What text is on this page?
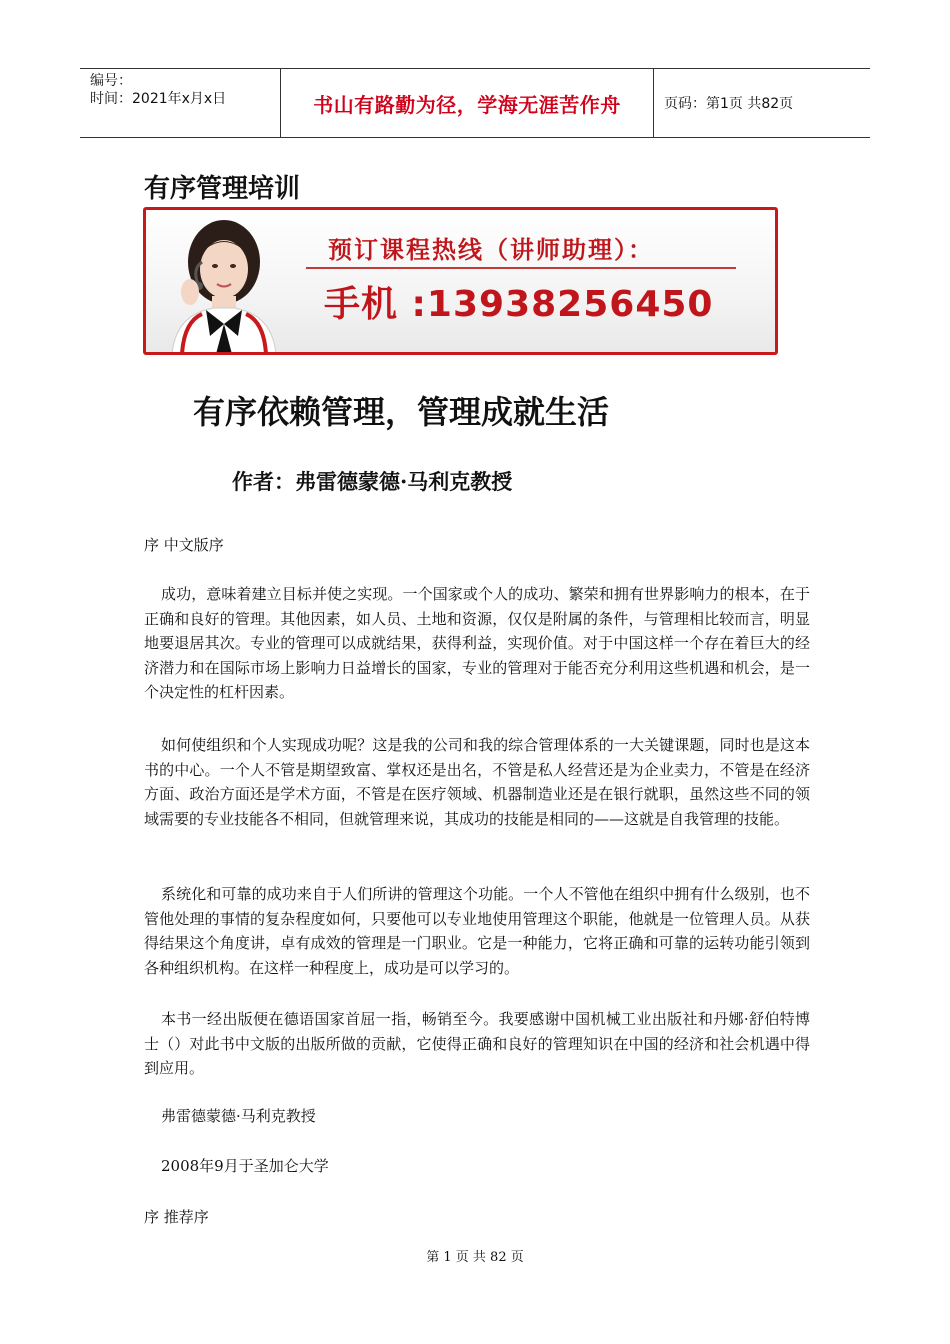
编号：
时间：2021年x月x日	书山有路勤为径，学海无涯苦作舟	页码：第1页 共82页
有序管理培训
预订课程热线（讲师助理）：
手机 :13938256450
有序依赖管理，管理成就生活
作者：弗雷德蒙德·马利克教授
序 中文版序
成功，意味着建立目标并使之实现。一个国家或个人的成功、繁荣和拥有世界影响力的根本，在于正确和良好的管理。其他因素，如人员、土地和资源，仅仅是附属的条件，与管理相比较而言，明显地要退居其次。专业的管理可以成就结果，获得利益，实现价值。对于中国这样一个存在着巨大的经济潜力和在国际市场上影响力日益增长的国家，专业的管理对于能否充分利用这些机遇和机会，是一个决定性的杠杆因素。
如何使组织和个人实现成功呢？这是我的公司和我的综合管理体系的一大关键课题，同时也是这本书的中心。一个人不管是期望致富、掌权还是出名，不管是私人经营还是为企业卖力，不管是在经济方面、政治方面还是学术方面，不管是在医疗领域、机器制造业还是在银行就职，虽然这些不同的领域需要的专业技能各不相同，但就管理来说，其成功的技能是相同的——这就是自我管理的技能。
系统化和可靠的成功来自于人们所讲的管理这个功能。一个人不管他在组织中拥有什么级别，也不管他处理的事情的复杂程度如何，只要他可以专业地使用管理这个职能，他就是一位管理人员。从获得结果这个角度讲，卓有成效的管理是一门职业。它是一种能力，它将正确和可靠的运转功能引领到各种组织机构。在这样一种程度上，成功是可以学习的。
本书一经出版便在德语国家首屈一指，畅销至今。我要感谢中国机械工业出版社和丹娜·舒伯特博士（）对此书中文版的出版所做的贡献，它使得正确和良好的管理知识在中国的经济和社会机遇中得到应用。
弗雷德蒙德·马利克教授
2008年9月于圣加仑大学
序 推荐序
第 1 页 共 82 页
